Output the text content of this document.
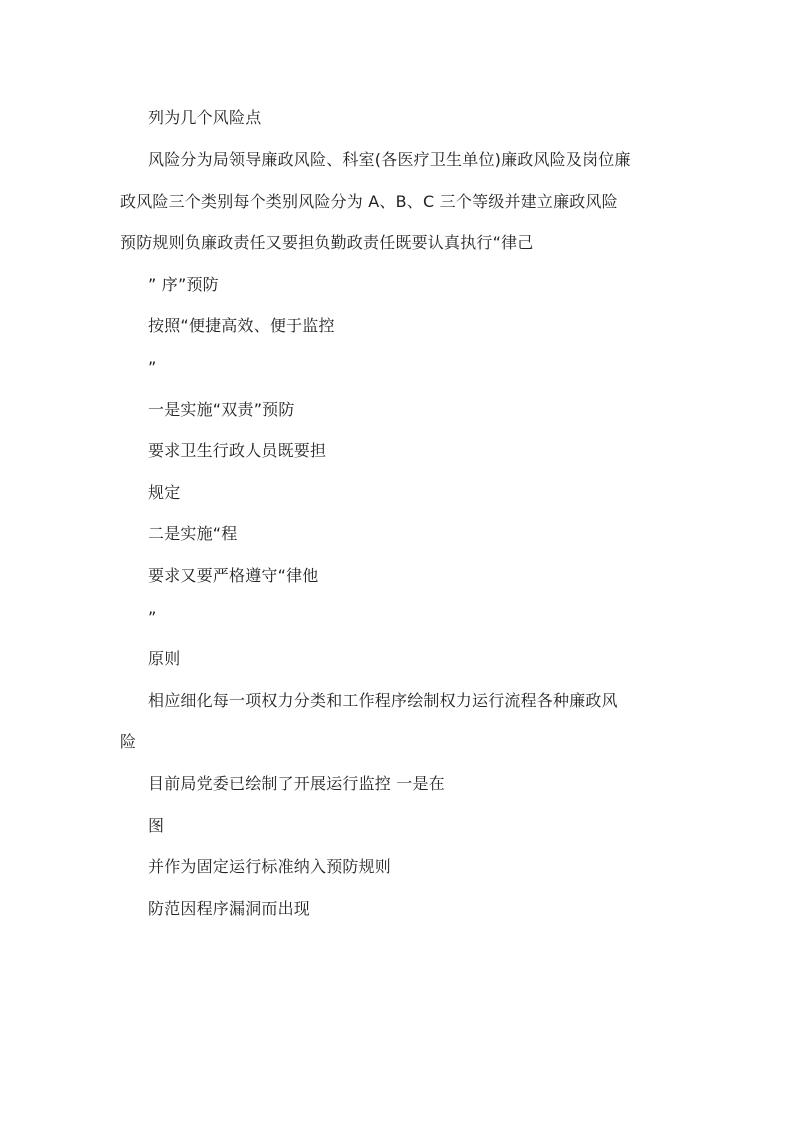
列为几个风险点
风险分为局领导廉政风险、科室(各医疗卫生单位)廉政风险及岗位廉
政风险三个类别每个类别风险分为 A、B、C 三个等级并建立廉政风险
预防规则负廉政责任又要担负勤政责任既要认真执行“律己
” 序”预防
按照“便捷高效、便于监控
”
一是实施“双责”预防
要求卫生行政人员既要担
规定
二是实施“程
要求又要严格遵守“律他
”
原则
相应细化每一项权力分类和工作程序绘制权力运行流程各种廉政风
险
目前局党委已绘制了开展运行监控 一是在
图
并作为固定运行标准纳入预防规则
防范因程序漏洞而出现
